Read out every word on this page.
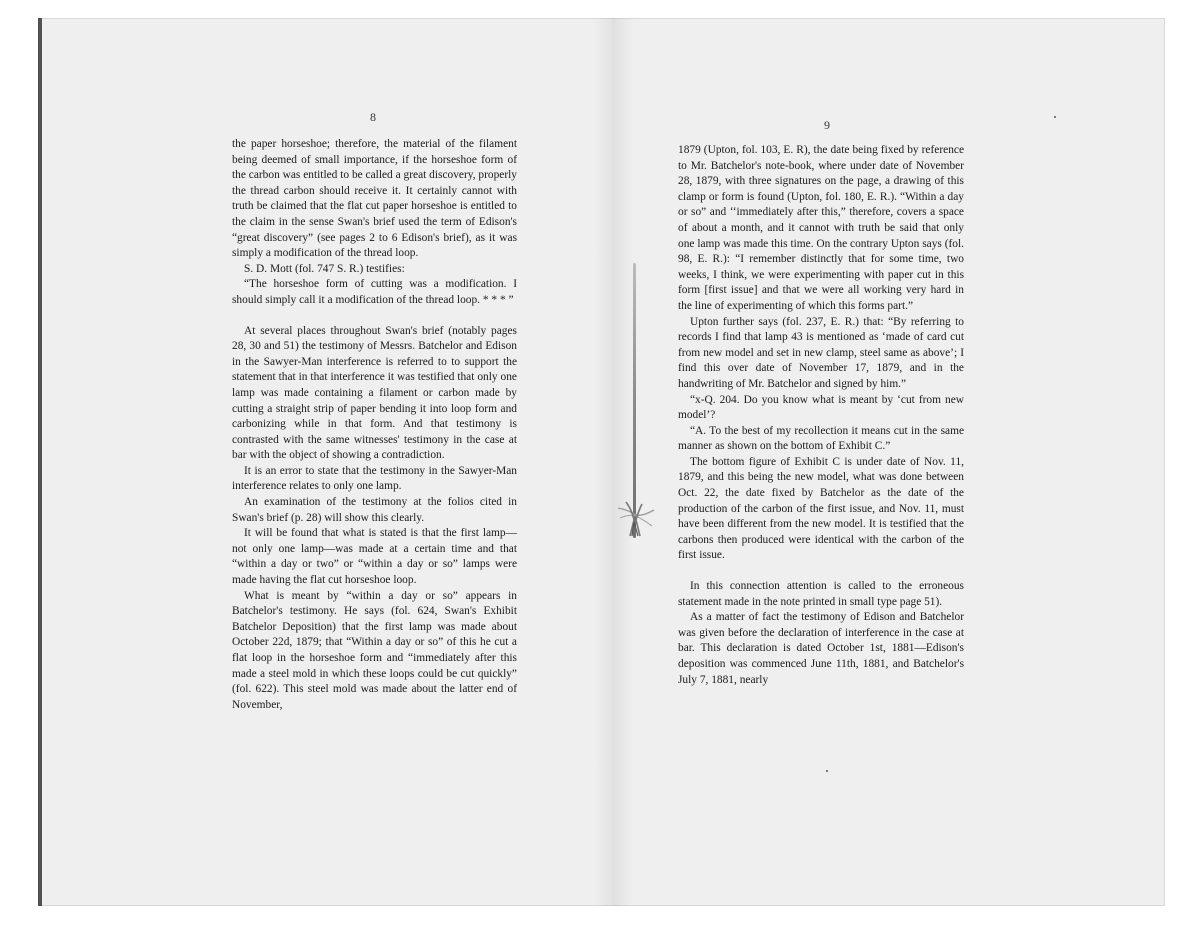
8
9

the paper horseshoe; therefore, the material of the filament being deemed of small importance, if the horseshoe form of the carbon was entitled to be called a great discovery, properly the thread carbon should receive it. It certainly cannot with truth be claimed that the flat cut paper horseshoe is entitled to the claim in the sense Swan's brief used the term of Edison's “great discovery” (see pages 2 to 6 Edison's brief), as it was simply a modification of the thread loop.

S. D. Mott (fol. 747 S. R.) testifies:

“The horseshoe form of cutting was a modification. I should simply call it a modification of the thread loop. * * * ”

At several places throughout Swan's brief (notably pages 28, 30 and 51) the testimony of Messrs. Batchelor and Edison in the Sawyer-Man interference is referred to to support the statement that in that interference it was testified that only one lamp was made containing a filament or carbon made by cutting a straight strip of paper bending it into loop form and carbonizing while in that form. And that testimony is contrasted with the same witnesses' testimony in the case at bar with the object of showing a contradiction.

It is an error to state that the testimony in the Sawyer-Man interference relates to only one lamp.

An examination of the testimony at the folios cited in Swan's brief (p. 28) will show this clearly.

It will be found that what is stated is that the first lamp—not only one lamp—was made at a certain time and that “within a day or two” or “within a day or so” lamps were made having the flat cut horseshoe loop.

What is meant by “within a day or so” appears in Batchelor's testimony. He says (fol. 624, Swan's Exhibit Batchelor Deposition) that the first lamp was made about October 22d, 1879; that “Within a day or so” of this he cut a flat loop in the horseshoe form and “immediately after this made a steel mold in which these loops could be cut quickly” (fol. 622). This steel mold was made about the latter end of November,

1879 (Upton, fol. 103, E. R), the date being fixed by reference to Mr. Batchelor's note-book, where under date of November 28, 1879, with three signatures on the page, a drawing of this clamp or form is found (Upton, fol. 180, E. R.). “Within a day or so” and ‘‘immediately after this,” therefore, covers a space of about a month, and it cannot with truth be said that only one lamp was made this time. On the contrary Upton says (fol. 98, E. R.): “I remember distinctly that for some time, two weeks, I think, we were experimenting with paper cut in this form [first issue] and that we were all working very hard in the line of experimenting of which this forms part.”

Upton further says (fol. 237, E. R.) that: “By referring to records I find that lamp 43 is mentioned as ‘made of card cut from new model and set in new clamp, steel same as above’; I find this over date of November 17, 1879, and in the handwriting of Mr. Batchelor and signed by him.”

“x-Q. 204. Do you know what is meant by ‘cut from new model’?

“A. To the best of my recollection it means cut in the same manner as shown on the bottom of Exhibit C.”

The bottom figure of Exhibit C is under date of Nov. 11, 1879, and this being the new model, what was done between Oct. 22, the date fixed by Batchelor as the date of the production of the carbon of the first issue, and Nov. 11, must have been different from the new model. It is testified that the carbons then produced were identical with the carbon of the first issue.

In this connection attention is called to the erroneous statement made in the note printed in small type page 51).

As a matter of fact the testimony of Edison and Batchelor was given before the declaration of interference in the case at bar. This declaration is dated October 1st, 1881—Edison's deposition was commenced June 11th, 1881, and Batchelor's July 7, 1881, nearly
